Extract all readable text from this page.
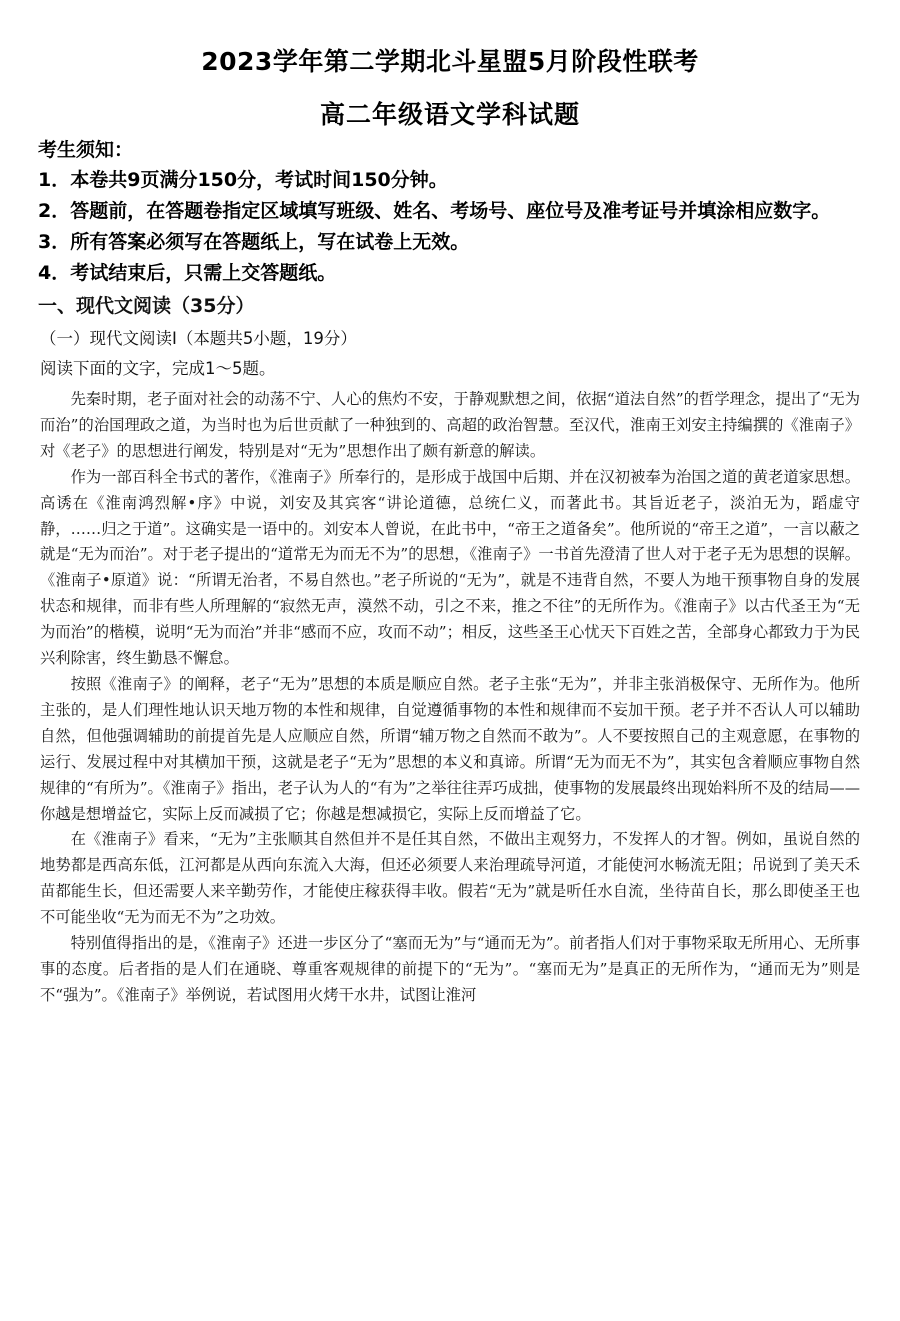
2023学年第二学期北斗星盟5月阶段性联考
高二年级语文学科试题
考生须知：
1．本卷共9页满分150分，考试时间150分钟。
2．答题前，在答题卷指定区域填写班级、姓名、考场号、座位号及准考证号并填涂相应数字。
3．所有答案必须写在答题纸上，写在试卷上无效。
4．考试结束后，只需上交答题纸。
一、现代文阅读（35分）
（一）现代文阅读Ⅰ（本题共5小题，19分）
阅读下面的文字，完成1～5题。

先秦时期，老子面对社会的动荡不宁、人心的焦灼不安，于静观默想之间，依据“道法自然”的哲学理念，提出了“无为而治”的治国理政之道，为当时也为后世贡献了一种独到的、高超的政治智慧。至汉代，淮南王刘安主持编撰的《淮南子》对《老子》的思想进行阐发，特别是对“无为”思想作出了颇有新意的解读。

作为一部百科全书式的著作，《淮南子》所奉行的，是形成于战国中后期、并在汉初被奉为治国之道的黄老道家思想。高诱在《淮南鸿烈解•序》中说，刘安及其宾客“讲论道德，总统仁义，而著此书。其旨近老子，淡泊无为，蹈虚守静，……归之于道”。这确实是一语中的。刘安本人曾说，在此书中，“帝王之道备矣”。他所说的“帝王之道”，一言以蔽之就是“无为而治”。对于老子提出的“道常无为而无不为”的思想，《淮南子》一书首先澄清了世人对于老子无为思想的误解。《淮南子•原道》说：“所谓无治者，不易自然也。”老子所说的“无为”，就是不违背自然，不要人为地干预事物自身的发展状态和规律，而非有些人所理解的“寂然无声，漠然不动，引之不来，推之不往”的无所作为。《淮南子》以古代圣王为“无为而治”的楷模，说明“无为而治”并非“感而不应，攻而不动”；相反，这些圣王心忧天下百姓之苦，全部身心都致力于为民兴利除害，终生勤恳不懈怠。

按照《淮南子》的阐释，老子“无为”思想的本质是顺应自然。老子主张“无为”，并非主张消极保守、无所作为。他所主张的，是人们理性地认识天地万物的本性和规律，自觉遵循事物的本性和规律而不妄加干预。老子并不否认人可以辅助自然，但他强调辅助的前提首先是人应顺应自然，所谓“辅万物之自然而不敢为”。人不要按照自己的主观意愿，在事物的运行、发展过程中对其横加干预，这就是老子“无为”思想的本义和真谛。所谓“无为而无不为”，其实包含着顺应事物自然规律的“有所为”。《淮南子》指出，老子认为人的“有为”之举往往弄巧成拙，使事物的发展最终出现始料所不及的结局——你越是想增益它，实际上反而减损了它；你越是想减损它，实际上反而增益了它。

在《淮南子》看来，“无为”主张顺其自然但并不是任其自然，不做出主观努力，不发挥人的才智。例如，虽说自然的地势都是西高东低，江河都是从西向东流入大海，但还必须要人来治理疏导河道，才能使河水畅流无阻；吊说到了美天禾苗都能生长，但还需要人来辛勤劳作，才能使庄稼获得丰收。假若“无为”就是听任水自流，坐待苗自长，那么即使圣王也不可能坐收“无为而无不为”之功效。

特别值得指出的是，《淮南子》还进一步区分了“塞而无为”与“通而无为”。前者指人们对于事物采取无所用心、无所事事的态度。后者指的是人们在通晓、尊重客观规律的前提下的“无为”。“塞而无为”是真正的无所作为，“通而无为”则是不“强为”。《淮南子》举例说，若试图用火烤干水井，试图让淮河
